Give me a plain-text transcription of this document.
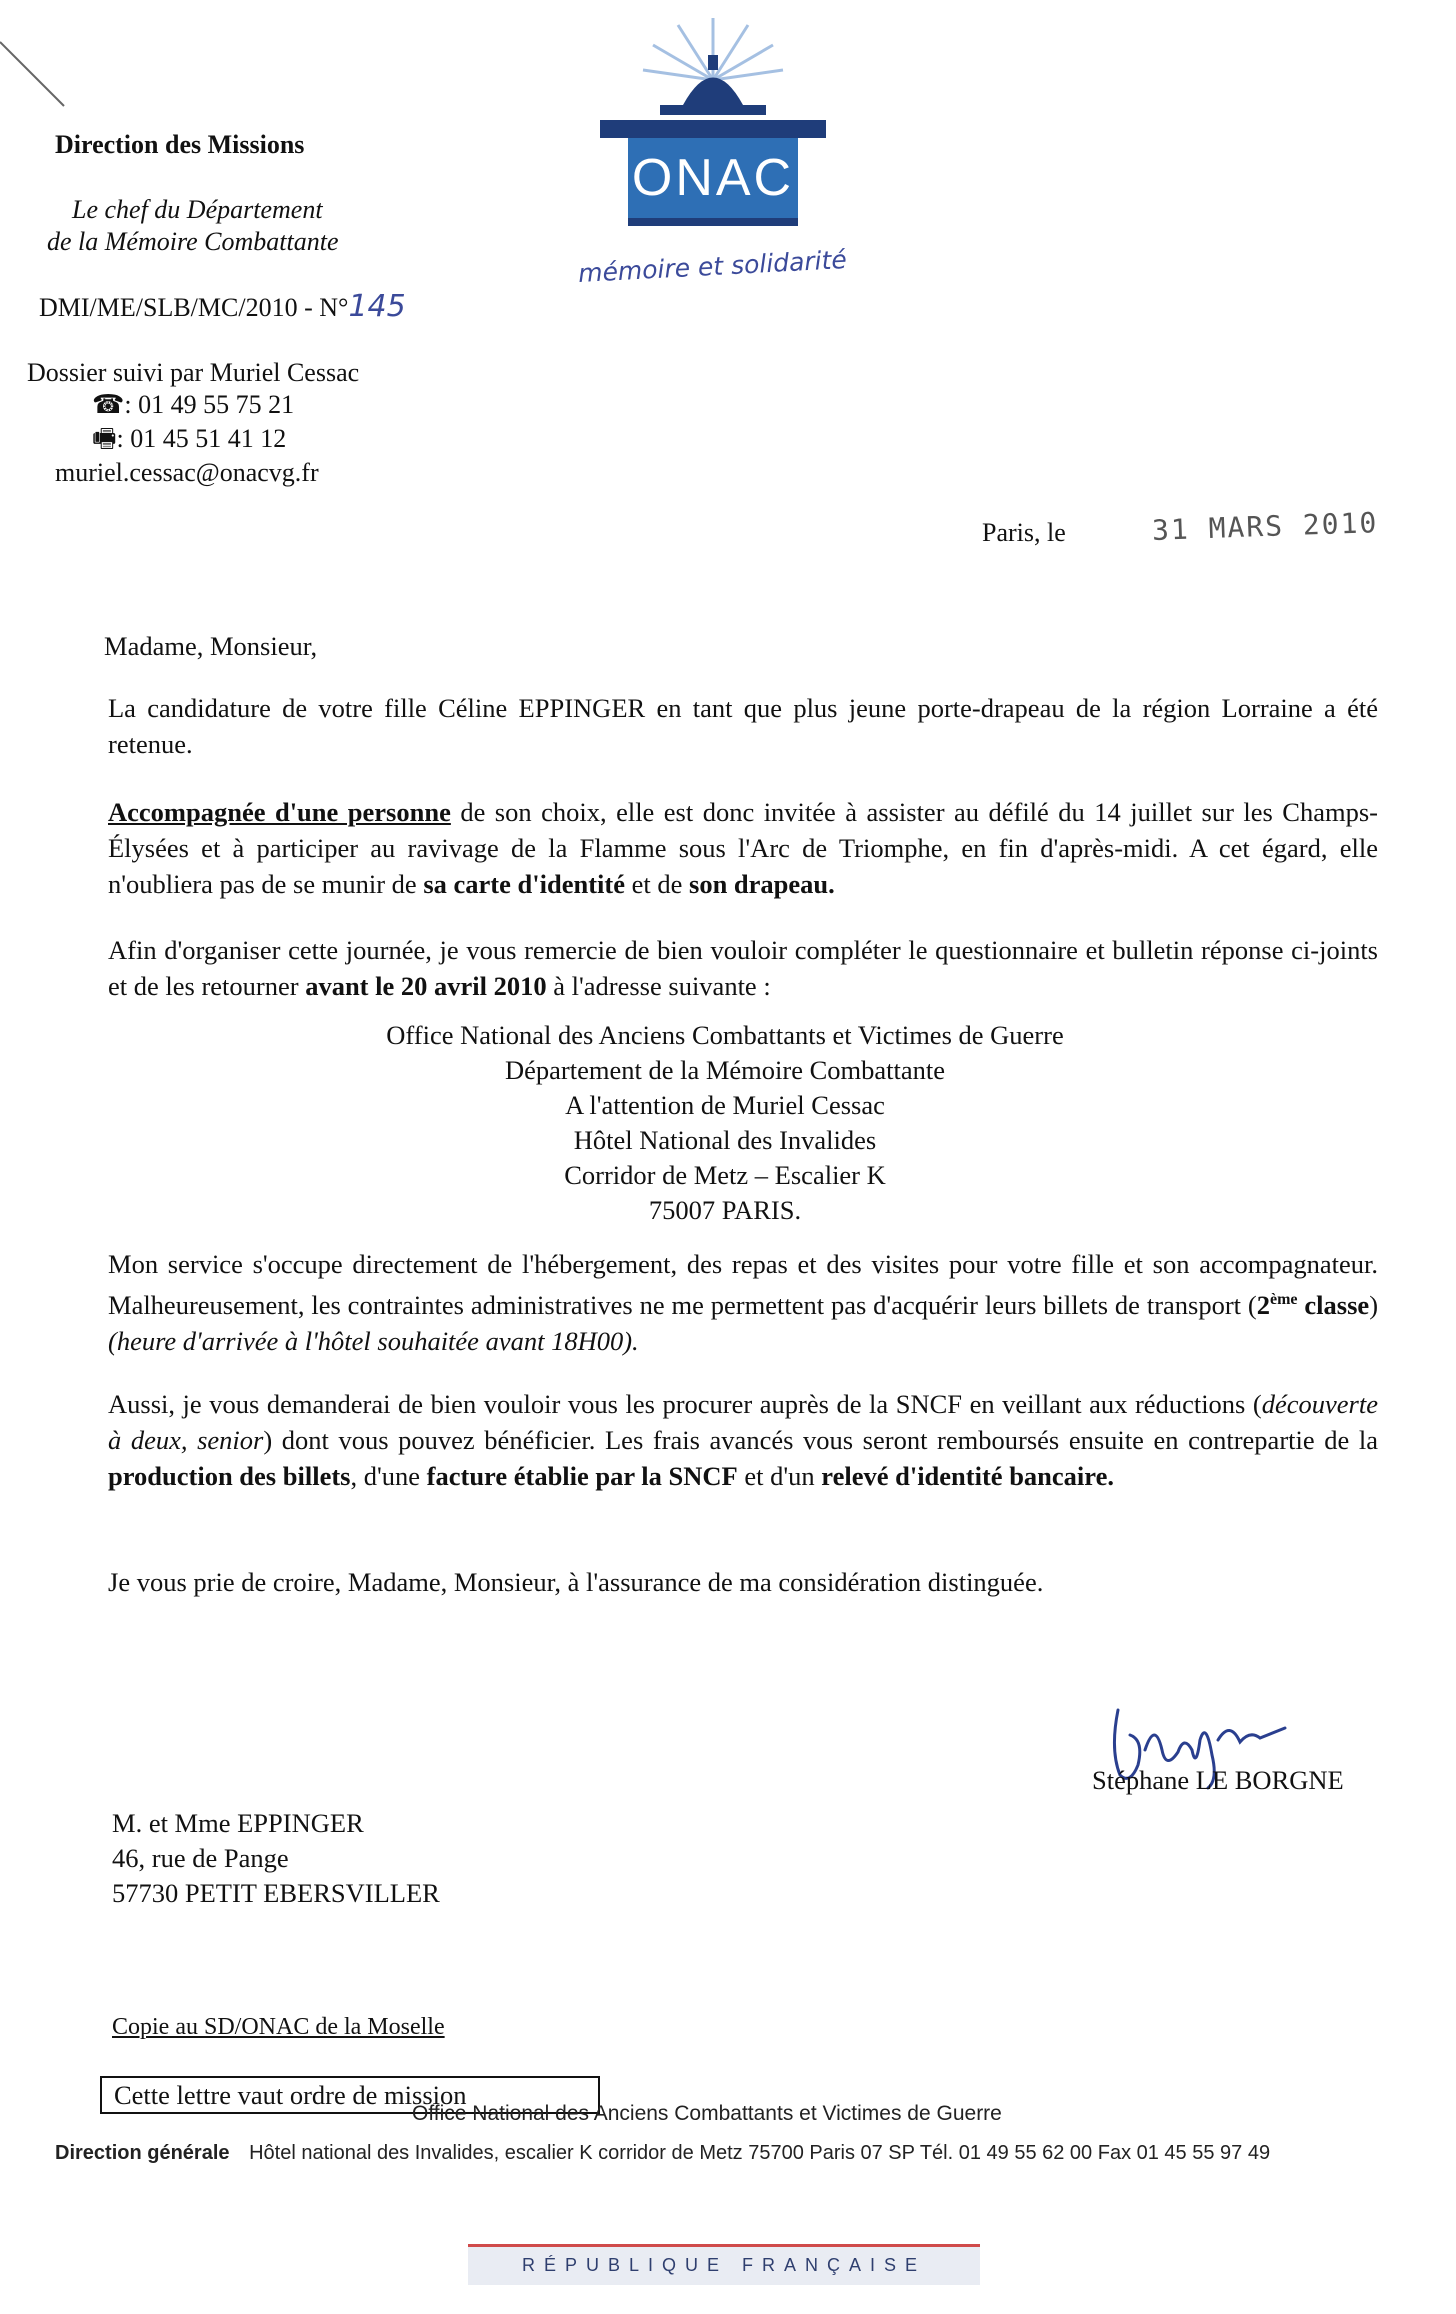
Direction des Missions
Le chef du Département
de la Mémoire Combattante
DMI/ME/SLB/MC/2010 - N°145
Dossier suivi par Muriel Cessac
☎: 01 49 55 75 21
🖷: 01 45 51 41 12
muriel.cessac@onacvg.fr
ONAC
mémoire et solidarité
Paris, le	31 MARS 2010
Madame, Monsieur,
La candidature de votre fille Céline EPPINGER en tant que plus jeune porte-drapeau de la région Lorraine a été retenue.
Accompagnée d'une personne de son choix, elle est donc invitée à assister au défilé du 14 juillet sur les Champs-Élysées et à participer au ravivage de la Flamme sous l'Arc de Triomphe, en fin d'après-midi. A cet égard, elle n'oubliera pas de se munir de sa carte d'identité et de son drapeau.
Afin d'organiser cette journée, je vous remercie de bien vouloir compléter le questionnaire et bulletin réponse ci-joints et de les retourner avant le 20 avril 2010 à l'adresse suivante :
Office National des Anciens Combattants et Victimes de Guerre
Département de la Mémoire Combattante
A l'attention de Muriel Cessac
Hôtel National des Invalides
Corridor de Metz – Escalier K
75007 PARIS.
Mon service s'occupe directement de l'hébergement, des repas et des visites pour votre fille et son accompagnateur. Malheureusement, les contraintes administratives ne me permettent pas d'acquérir leurs billets de transport (2ème classe) (heure d'arrivée à l'hôtel souhaitée avant 18H00).
Aussi, je vous demanderai de bien vouloir vous les procurer auprès de la SNCF en veillant aux réductions (découverte à deux, senior) dont vous pouvez bénéficier. Les frais avancés vous seront remboursés ensuite en contrepartie de la production des billets, d'une facture établie par la SNCF et d'un relevé d'identité bancaire.
Je vous prie de croire, Madame, Monsieur, à l'assurance de ma considération distinguée.
Stéphane LE BORGNE
M. et Mme EPPINGER
46, rue de Pange
57730 PETIT EBERSVILLER
Copie au SD/ONAC de la Moselle
Cette lettre vaut ordre de mission
Office National des Anciens Combattants et Victimes de Guerre
Direction générale Hôtel national des Invalides, escalier K corridor de Metz 75700 Paris 07 SP Tél. 01 49 55 62 00 Fax 01 45 55 97 49
RÉPUBLIQUE FRANÇAISE
